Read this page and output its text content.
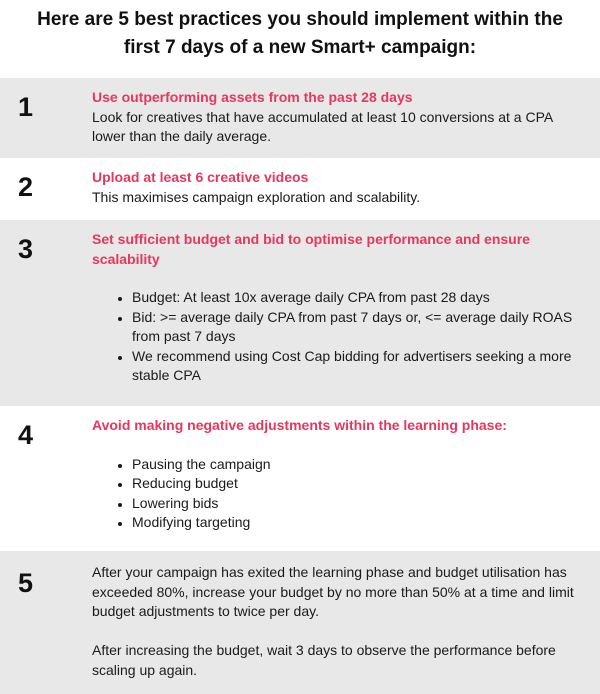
Here are 5 best practices you should implement within the
first 7 days of a new Smart+ campaign:
1	Use outperforming assets from the past 28 days
Look for creatives that have accumulated at least 10 conversions at a CPA lower than the daily average.
2	Upload at least 6 creative videos
This maximises campaign exploration and scalability.
3	Set sufficient budget and bid to optimise performance and ensure scalability
• Budget: At least 10x average daily CPA from past 28 days
• Bid: >= average daily CPA from past 7 days or, <= average daily ROAS from past 7 days
• We recommend using Cost Cap bidding for advertisers seeking a more stable CPA
4	Avoid making negative adjustments within the learning phase:
• Pausing the campaign
• Reducing budget
• Lowering bids
• Modifying targeting
5	After your campaign has exited the learning phase and budget utilisation has exceeded 80%, increase your budget by no more than 50% at a time and limit budget adjustments to twice per day.

After increasing the budget, wait 3 days to observe the performance before scaling up again.
